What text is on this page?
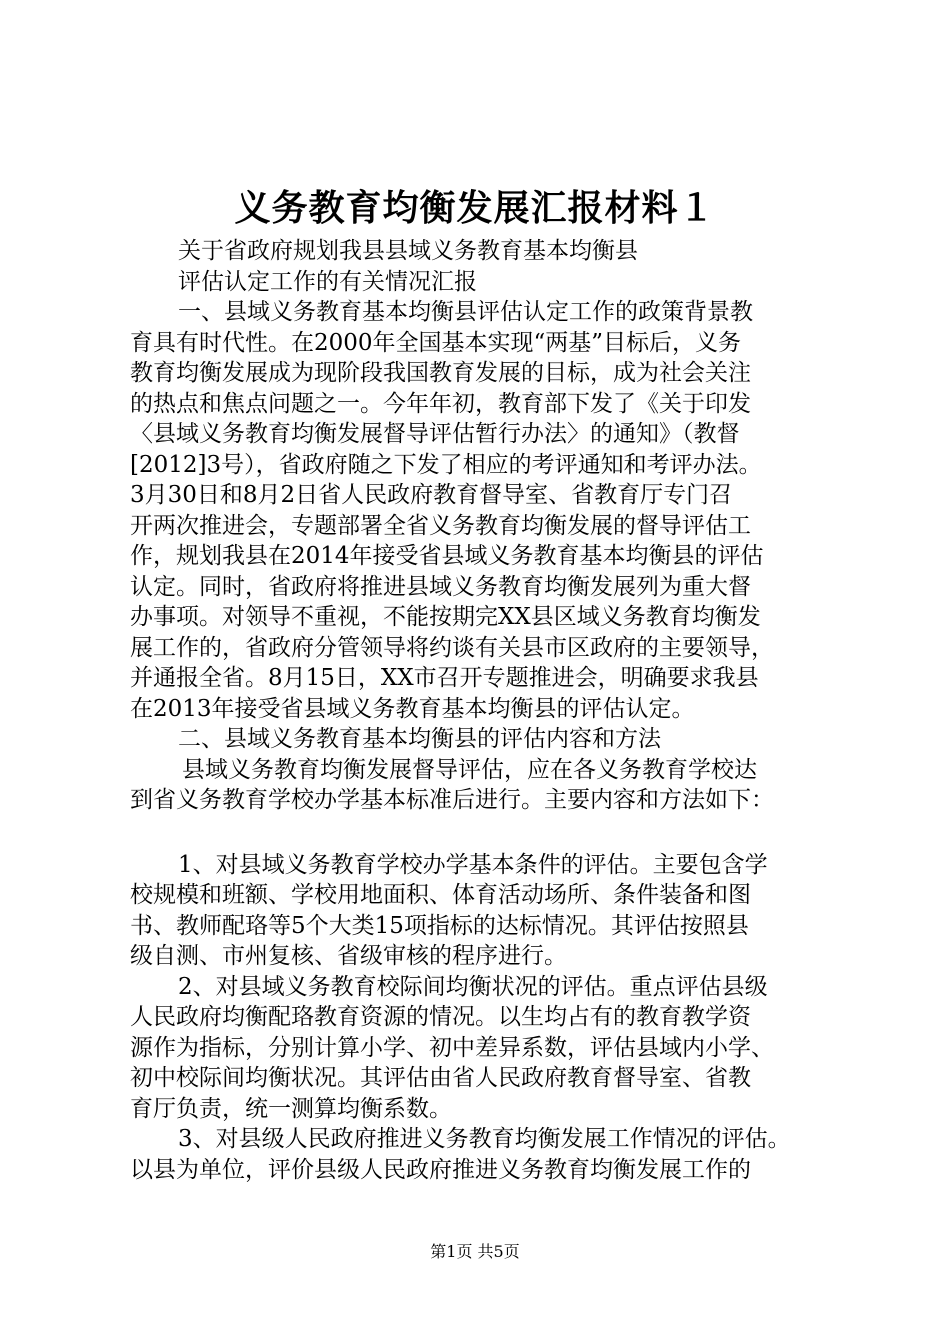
义务教育均衡发展汇报材料１
关于省政府规划我县县域义务教育基本均衡县
评估认定工作的有关情况汇报
一、县域义务教育基本均衡县评估认定工作的政策背景教
育具有时代性。在2000年全国基本实现“两基”目标后，义务
教育均衡发展成为现阶段我国教育发展的目标，成为社会关注
的热点和焦点问题之一。今年年初，教育部下发了《关于印发
〈县域义务教育均衡发展督导评估暂行办法〉的通知》（教督
[2012]3号），省政府随之下发了相应的考评通知和考评办法。
3月30日和8月2日省人民政府教育督导室、省教育厅专门召
开两次推进会，专题部署全省义务教育均衡发展的督导评估工
作，规划我县在2014年接受省县域义务教育基本均衡县的评估
认定。同时，省政府将推进县域义务教育均衡发展列为重大督
办事项。对领导不重视，不能按期完XX县区域义务教育均衡发
展工作的，省政府分管领导将约谈有关县市区政府的主要领导，
并通报全省。8月15日，XX市召开专题推进会，明确要求我县
在2013年接受省县域义务教育基本均衡县的评估认定。
二、县域义务教育基本均衡县的评估内容和方法
县域义务教育均衡发展督导评估，应在各义务教育学校达
到省义务教育学校办学基本标准后进行。主要内容和方法如下：
1、对县域义务教育学校办学基本条件的评估。主要包含学
校规模和班额、学校用地面积、体育活动场所、条件装备和图
书、教师配珞等5个大类15项指标的达标情况。其评估按照县
级自测、市州复核、省级审核的程序进行。
2、对县域义务教育校际间均衡状况的评估。重点评估县级
人民政府均衡配珞教育资源的情况。以生均占有的教育教学资
源作为指标，分别计算小学、初中差异系数，评估县域内小学、
初中校际间均衡状况。其评估由省人民政府教育督导室、省教
育厅负责，统一测算均衡系数。
3、对县级人民政府推进义务教育均衡发展工作情况的评估。
以县为单位，评价县级人民政府推进义务教育均衡发展工作的
第1页 共5页
